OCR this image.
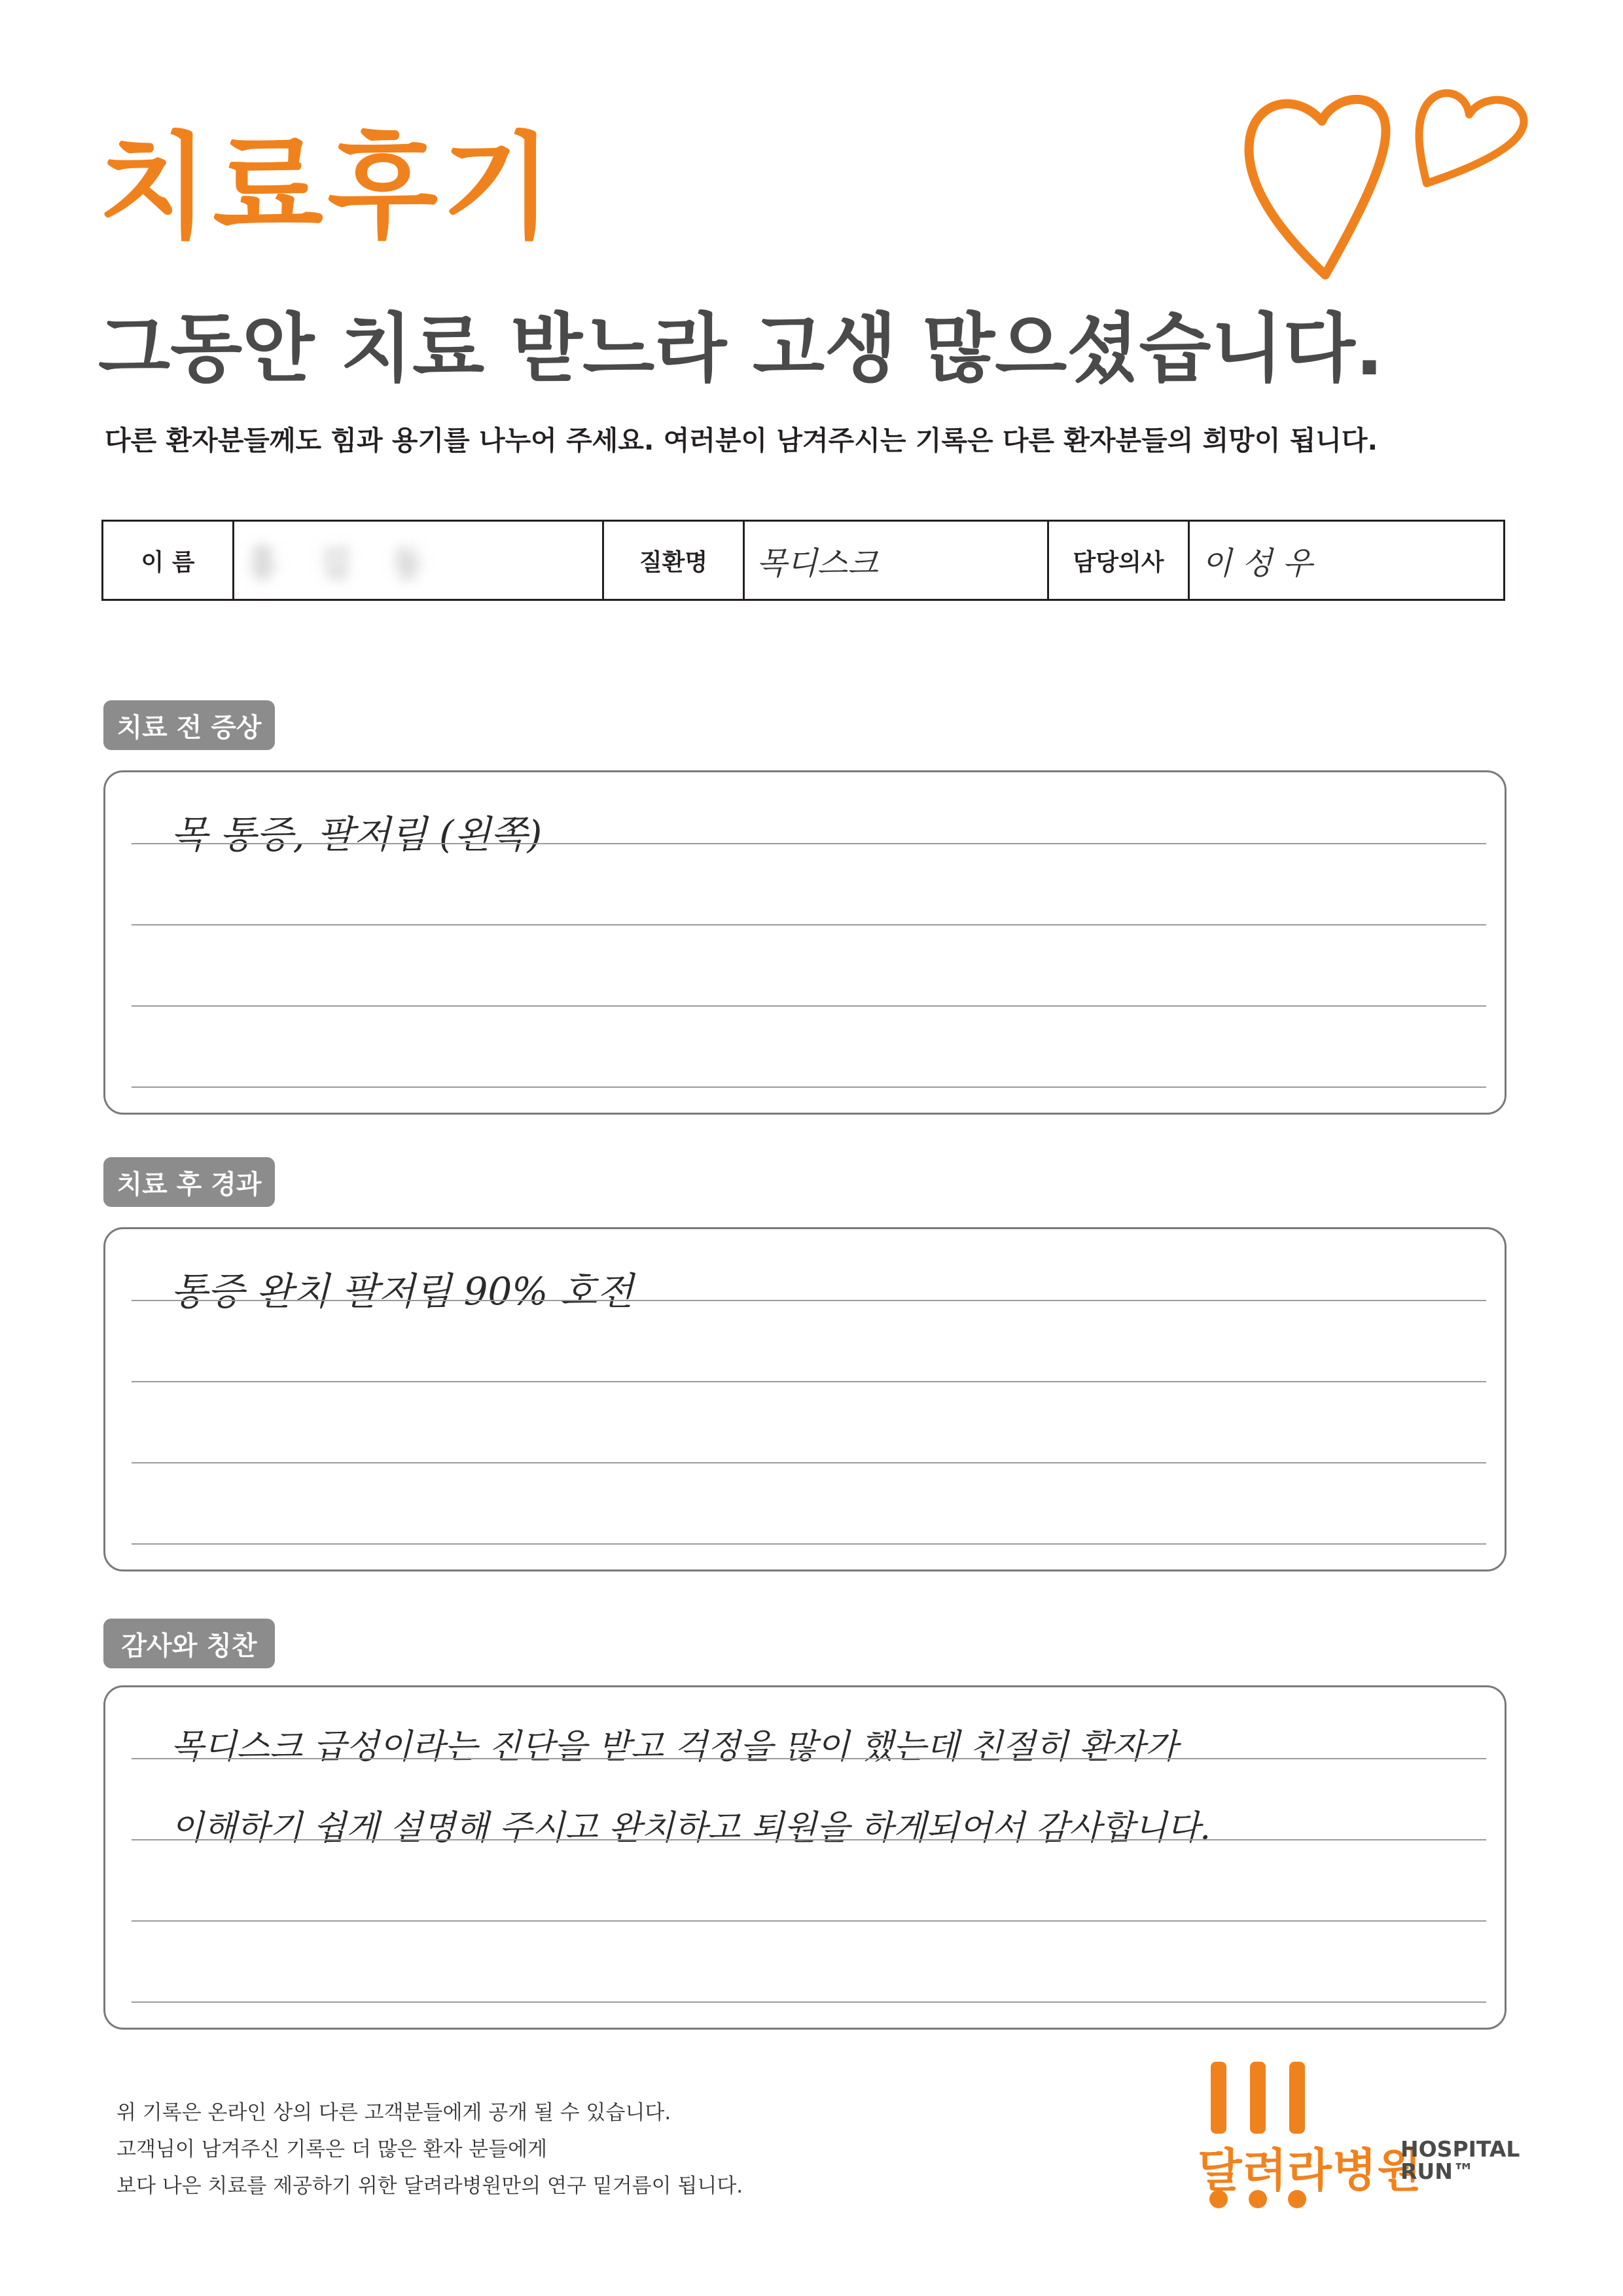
치료후기
그동안 치료 받느라 고생 많으셨습니다.
다른 환자분들께도 힘과 용기를 나누어 주세요. 여러분이 남겨주시는 기록은 다른 환자분들의 희망이 됩니다.
이 름	홍 길 동	질환명	목디스크	담당의사	이 성 우
치료 전 증상
목 통증, 팔저림 (왼쪽)
치료 후 경과
통증 완치 팔저림 90% 호전
감사와 칭찬
목디스크 급성이라는 진단을 받고 걱정을 많이 했는데 친절히 환자가
이해하기 쉽게 설명해 주시고 완치하고 퇴원을 하게되어서 감사합니다.
위 기록은 온라인 상의 다른 고객분들에게 공개 될 수 있습니다.
고객님이 남겨주신 기록은 더 많은 환자 분들에게
보다 나은 치료를 제공하기 위한 달려라병원만의 연구 밑거름이 됩니다.	달려라병원
HOSPITAL
RUN™
